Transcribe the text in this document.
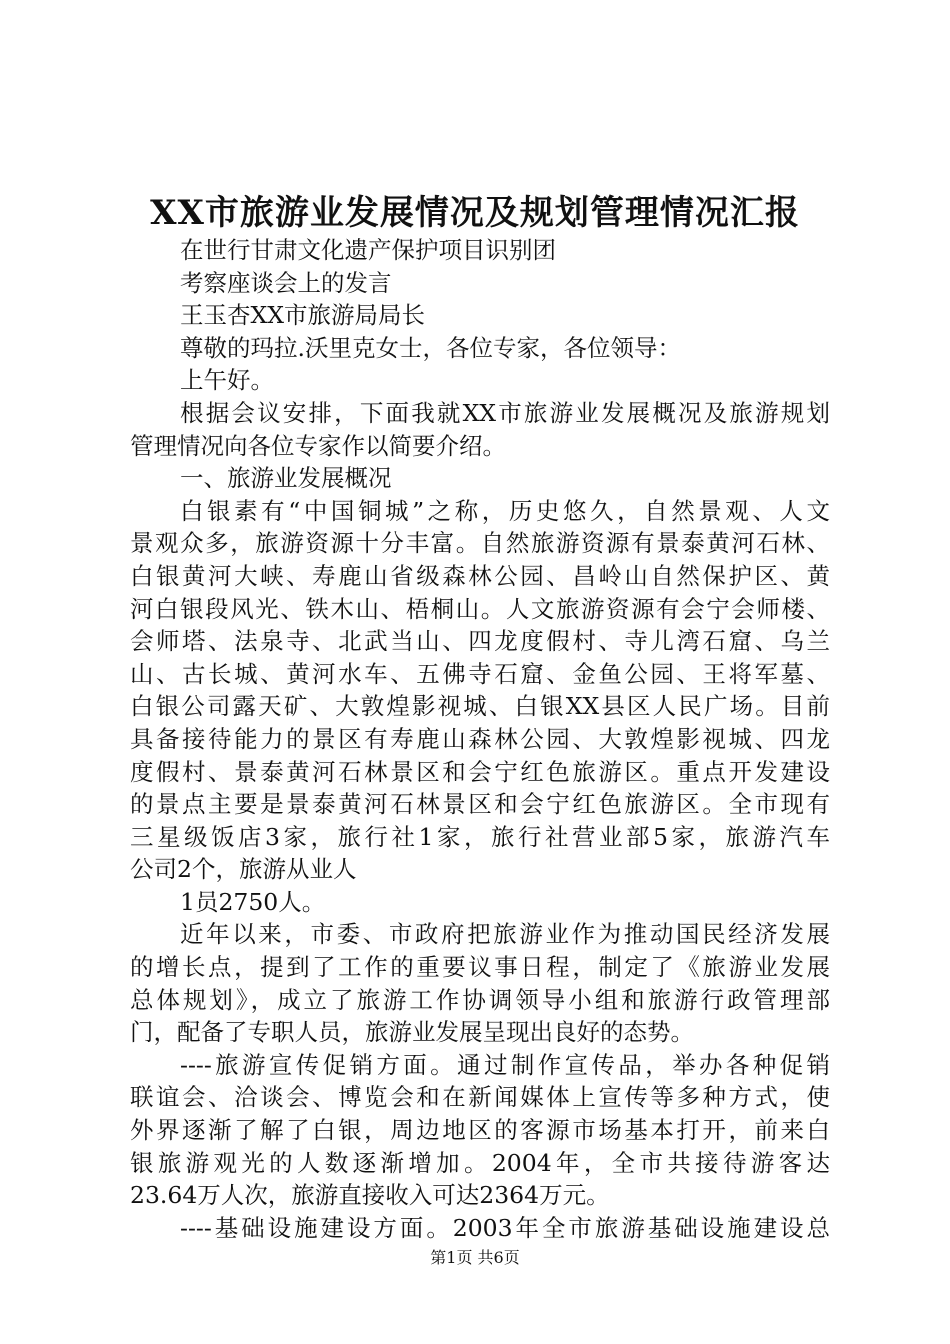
XX市旅游业发展情况及规划管理情况汇报
在世行甘肃文化遗产保护项目识别团
考察座谈会上的发言
王玉杏XX市旅游局局长
尊敬的玛拉.沃里克女士，各位专家，各位领导：
上午好。
根据会议安排，下面我就XX市旅游业发展概况及旅游规划
管理情况向各位专家作以简要介绍。
一、旅游业发展概况
白银素有“中国铜城”之称，历史悠久，自然景观、人文
景观众多，旅游资源十分丰富。自然旅游资源有景泰黄河石林、
白银黄河大峡、寿鹿山省级森林公园、昌岭山自然保护区、黄
河白银段风光、铁木山、梧桐山。人文旅游资源有会宁会师楼、
会师塔、法泉寺、北武当山、四龙度假村、寺儿湾石窟、乌兰
山、古长城、黄河水车、五佛寺石窟、金鱼公园、王将军墓、
白银公司露天矿、大敦煌影视城、白银XX县区人民广场。目前
具备接待能力的景区有寿鹿山森林公园、大敦煌影视城、四龙
度假村、景泰黄河石林景区和会宁红色旅游区。重点开发建设
的景点主要是景泰黄河石林景区和会宁红色旅游区。全市现有
三星级饭店3家，旅行社1家，旅行社营业部5家，旅游汽车
公司2个，旅游从业人
1员2750人。
近年以来，市委、市政府把旅游业作为推动国民经济发展
的增长点，提到了工作的重要议事日程，制定了《旅游业发展
总体规划》，成立了旅游工作协调领导小组和旅游行政管理部
门，配备了专职人员，旅游业发展呈现出良好的态势。
----旅游宣传促销方面。通过制作宣传品，举办各种促销
联谊会、洽谈会、博览会和在新闻媒体上宣传等多种方式，使
外界逐渐了解了白银，周边地区的客源市场基本打开，前来白
银旅游观光的人数逐渐增加。2004年，全市共接待游客达
23.64万人次，旅游直接收入可达2364万元。
----基础设施建设方面。2003年全市旅游基础设施建设总
第1页 共6页
